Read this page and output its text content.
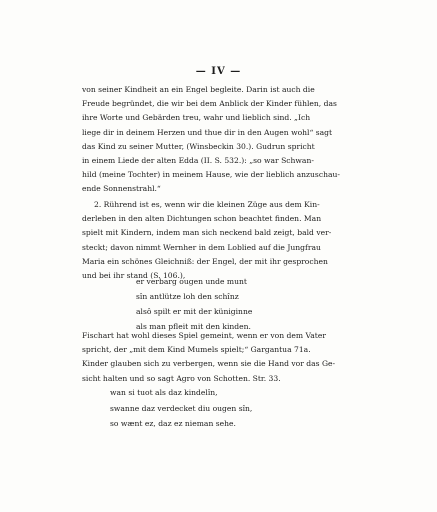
— IV —
von seiner Kindheit an ein Engel begleite. Darin ist auch die
Freude begründet, die wir bei dem Anblick der Kinder fühlen, das
ihre Worte und Gebärden treu, wahr und lieblich sind. „Ich
liege dir in deinem Herzen und thue dir in den Augen wohl“ sagt
das Kind zu seiner Mutter, (Winsbeckin 30.). Gudrun spricht
in einem Liede der alten Edda (II. S. 532.): „so war Schwan-
hild (meine Tochter) in meinem Hause, wie der lieblich anzuschau-
ende Sonnenstrahl.“
2. Rührend ist es, wenn wir die kleinen Züge aus dem Kin-
derleben in den alten Dichtungen schon beachtet finden. Man
spielt mit Kindern, indem man sich neckend bald zeigt, bald ver-
steckt; davon nimmt Wernher in dem Loblied auf die Jungfrau
Maria ein schönes Gleichniß: der Engel, der mit ihr gesprochen
und bei ihr stand (S. 106.),
er verbarg ougen unde munt
sîn antlütze loh den schînz
alsô spilt er mit der küniginne
als man pfleit mit den kinden.
Fischart hat wohl dieses Spiel gemeint, wenn er von dem Vater
spricht, der „mit dem Kind Mumels spielt;“ Gargantua 71a.
Kinder glauben sich zu verbergen, wenn sie die Hand vor das Ge-
sicht halten und so sagt Agro von Schotten. Str. 33.
wan si tuot als daz kindelîn,
swanne daz verdecket diu ougen sîn,
so wænt ez, daz ez nieman sehe.
